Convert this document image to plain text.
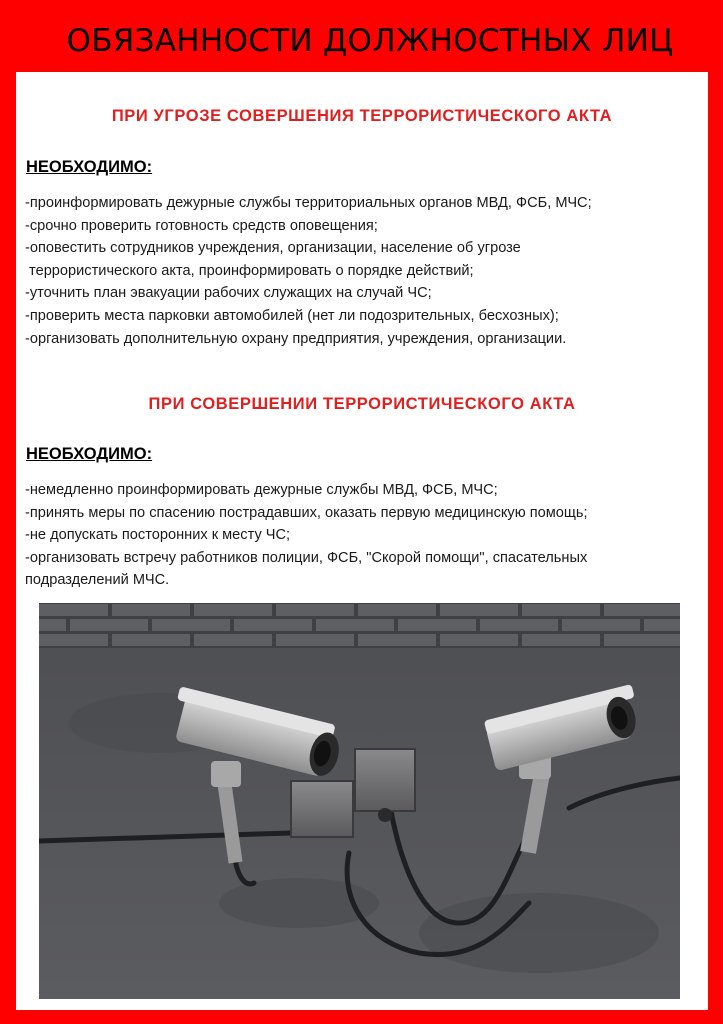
ОБЯЗАННОСТИ ДОЛЖНОСТНЫХ ЛИЦ
ПРИ УГРОЗЕ СОВЕРШЕНИЯ ТЕРРОРИСТИЧЕСКОГО АКТА
НЕОБХОДИМО:
-проинформировать дежурные службы территориальных органов МВД, ФСБ, МЧС;
-срочно проверить готовность средств оповещения;
-оповестить сотрудников учреждения, организации, население об угрозе
террористического акта, проинформировать о порядке действий;
-уточнить план эвакуации рабочих служащих на случай ЧС;
-проверить места парковки автомобилей (нет ли подозрительных, бесхозных);
-организовать дополнительную охрану предприятия, учреждения, организации.
ПРИ СОВЕРШЕНИИ ТЕРРОРИСТИЧЕСКОГО АКТА
НЕОБХОДИМО:
-немедленно проинформировать дежурные службы МВД, ФСБ, МЧС;
-принять меры по спасению пострадавших, оказать первую медицинскую помощь;
-не допускать посторонних к месту ЧС;
-организовать встречу работников полиции, ФСБ, "Скорой помощи", спасательных
подразделений МЧС.
